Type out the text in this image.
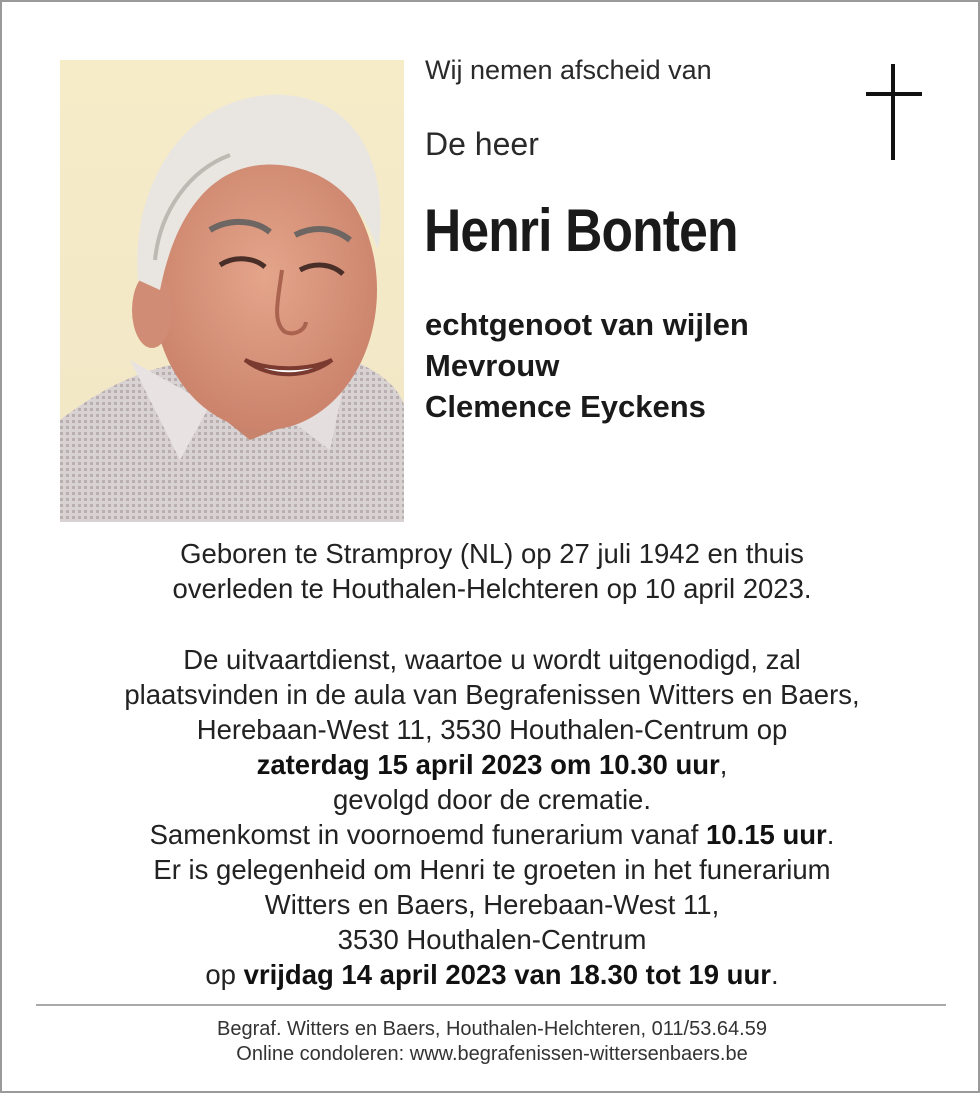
Wij nemen afscheid van
De heer
Henri Bonten
echtgenoot van wijlen
Mevrouw
Clemence Eyckens
Geboren te Stramproy (NL) op 27 juli 1942 en thuis
overleden te Houthalen-Helchteren op 10 april 2023.
De uitvaartdienst, waartoe u wordt uitgenodigd, zal
plaatsvinden in de aula van Begrafenissen Witters en Baers,
Herebaan-West 11, 3530 Houthalen-Centrum op
zaterdag 15 april 2023 om 10.30 uur,
gevolgd door de crematie.
Samenkomst in voornoemd funerarium vanaf 10.15 uur.
Er is gelegenheid om Henri te groeten in het funerarium
Witters en Baers, Herebaan-West 11,
3530 Houthalen-Centrum
op vrijdag 14 april 2023 van 18.30 tot 19 uur.
Begraf. Witters en Baers, Houthalen-Helchteren, 011/53.64.59
Online condoleren: www.begrafenissen-wittersenbaers.be
